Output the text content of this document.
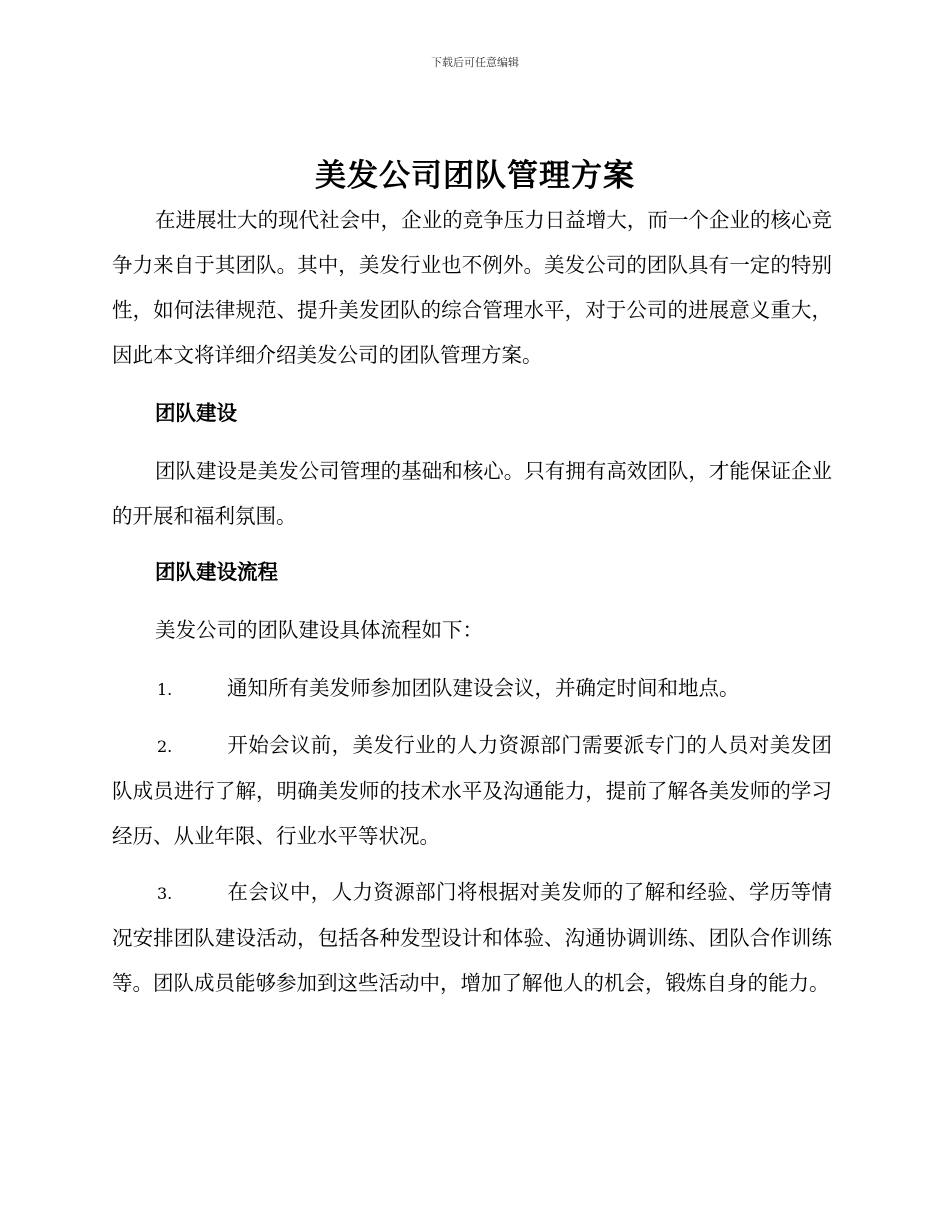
下载后可任意编辑
美发公司团队管理方案

在进展壮大的现代社会中，企业的竞争压力日益增大，而一个企业的核心竞争力来自于其团队。其中，美发行业也不例外。美发公司的团队具有一定的特别性，如何法律规范、提升美发团队的综合管理水平，对于公司的进展意义重大，因此本文将详细介绍美发公司的团队管理方案。

团队建设

团队建设是美发公司管理的基础和核心。只有拥有高效团队，才能保证企业的开展和福利氛围。

团队建设流程

美发公司的团队建设具体流程如下：

1.	通知所有美发师参加团队建设会议，并确定时间和地点。

2.	开始会议前，美发行业的人力资源部门需要派专门的人员对美发团队成员进行了解，明确美发师的技术水平及沟通能力，提前了解各美发师的学习经历、从业年限、行业水平等状况。

3.	在会议中，人力资源部门将根据对美发师的了解和经验、学历等情况安排团队建设活动，包括各种发型设计和体验、沟通协调训练、团队合作训练等。团队成员能够参加到这些活动中，增加了解他人的机会，锻炼自身的能力。
